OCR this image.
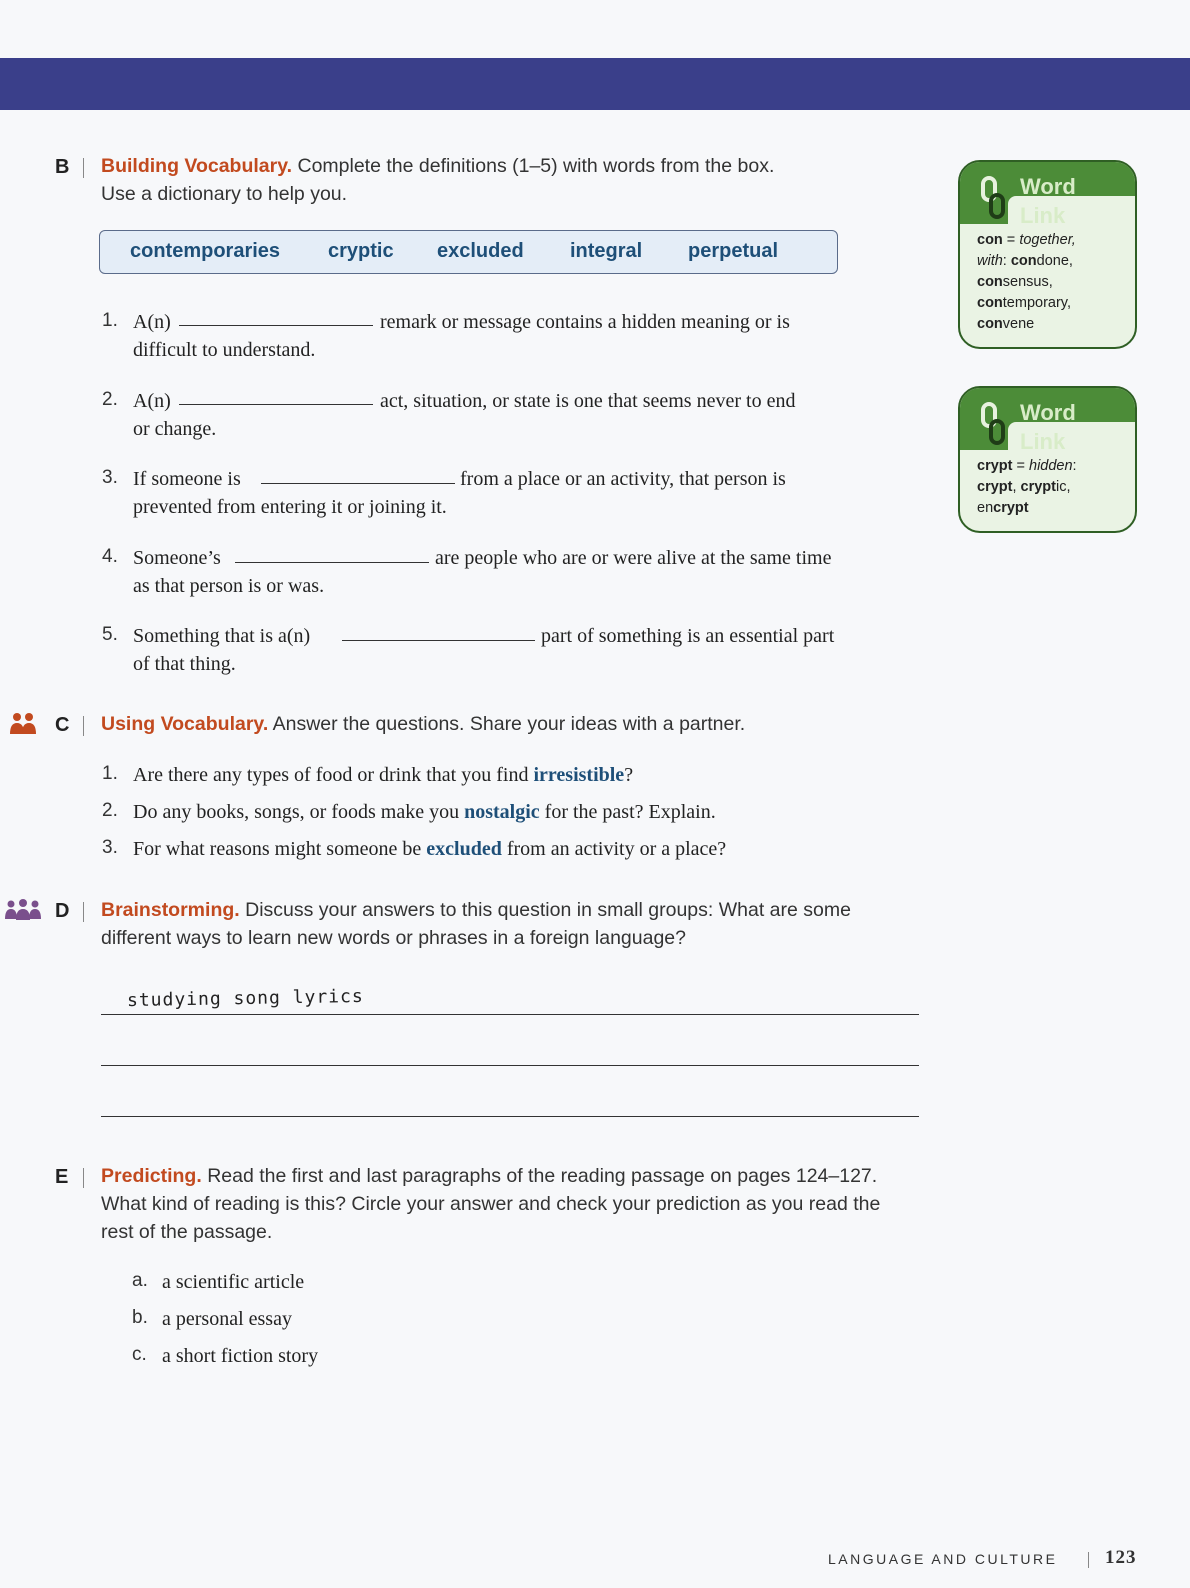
B Building Vocabulary. Complete the definitions (1–5) with words from the box.
Use a dictionary to help you.
contemporaries cryptic excluded integral perpetual
1. A(n)	remark or message contains a hidden meaning or is
difficult to understand.
2. A(n)	act, situation, or state is one that seems never to end
or change.
3. If someone is	from a place or an activity, that person is
prevented from entering it or joining it.
4. Someone’s	are people who are or were alive at the same time
as that person is or was.
5. Something that is a(n)	part of something is an essential part
of that thing.
C Using Vocabulary. Answer the questions. Share your ideas with a partner.
1. Are there any types of food or drink that you find irresistible?
2. Do any books, songs, or foods make you nostalgic for the past? Explain.
3. For what reasons might someone be excluded from an activity or a place?
D Brainstorming. Discuss your answers to this question in small groups: What are some
different ways to learn new words or phrases in a foreign language?
studying song lyrics
E Predicting. Read the first and last paragraphs of the reading passage on pages 124–127.
What kind of reading is this? Circle your answer and check your prediction as you read the
rest of the passage.
a. a scientific article
b. a personal essay
c. a short fiction story
Word
Link
con = together,
with: condone,
consensus,
contemporary,
convene
Word
Link
crypt = hidden:
crypt, cryptic,
encrypt
LANGUAGE AND CULTURE	123
